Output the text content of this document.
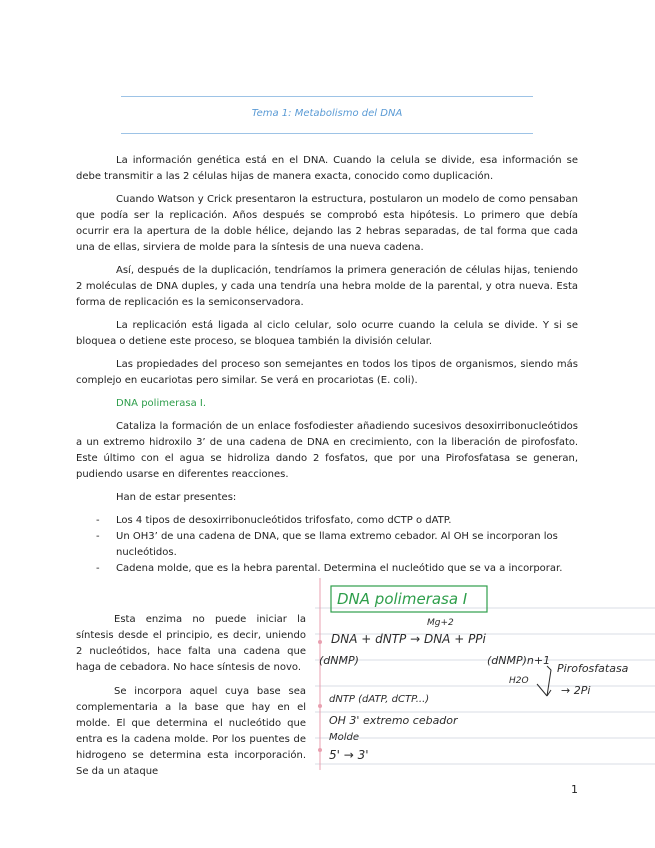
Tema 1: Metabolismo del DNA

La información genética está en el DNA. Cuando la celula se divide, esa información se debe transmitir a las 2 células hijas de manera exacta, conocido como duplicación.

Cuando Watson y Crick presentaron la estructura, postularon un modelo de como pensaban que podía ser la replicación. Años después se comprobó esta hipótesis. Lo primero que debía ocurrir era la apertura de la doble hélice, dejando las 2 hebras separadas, de tal forma que cada una de ellas, sirviera de molde para la síntesis de una nueva cadena.

Así, después de la duplicación, tendríamos la primera generación de células hijas, teniendo 2 moléculas de DNA duples, y cada una tendría una hebra molde de la parental, y otra nueva. Esta forma de replicación es la semiconservadora.

La replicación está ligada al ciclo celular, solo ocurre cuando la celula se divide. Y si se bloquea o detiene este proceso, se bloquea también la división celular.

Las propiedades del proceso son semejantes en todos los tipos de organismos, siendo más complejo en eucariotas pero similar. Se verá en procariotas (E. coli).

DNA polimerasa I.

Cataliza la formación de un enlace fosfodiester añadiendo sucesivos desoxirribonucleótidos a un extremo hidroxilo 3’ de una cadena de DNA en crecimiento, con la liberación de pirofosfato. Este último con el agua se hidroliza dando 2 fosfatos, que por una Pirofosfatasa se generan, pudiendo usarse en diferentes reacciones.

Han de estar presentes:

- Los 4 tipos de desoxirribonucleótidos trifosfato, como dCTP o dATP.
- Un OH3’ de una cadena de DNA, que se llama extremo cebador. Al OH se incorporan los nucleótidos.
- Cadena molde, que es la hebra parental. Determina el nucleótido que se va a incorporar.

Esta enzima no puede iniciar la síntesis desde el principio, es decir, uniendo 2 nucleótidos, hace falta una cadena que haga de cebadora. No hace síntesis de novo.

Se incorpora aquel cuya base sea complementaria a la base que hay en el molde. El que determina el nucleótido que entra es la cadena molde. Por los puentes de hidrogeno se determina esta incorporación. Se da un ataque

DNA polimerasa I
Mg+2
DNA + dNTP → DNA + PPi
(dNMP)	(dNMP)n+1
Pirofosfatasa
H2O
→ 2Pi
dNTP (dATP, dCTP...)
OH 3' extremo cebador
Molde
5' → 3'
1
